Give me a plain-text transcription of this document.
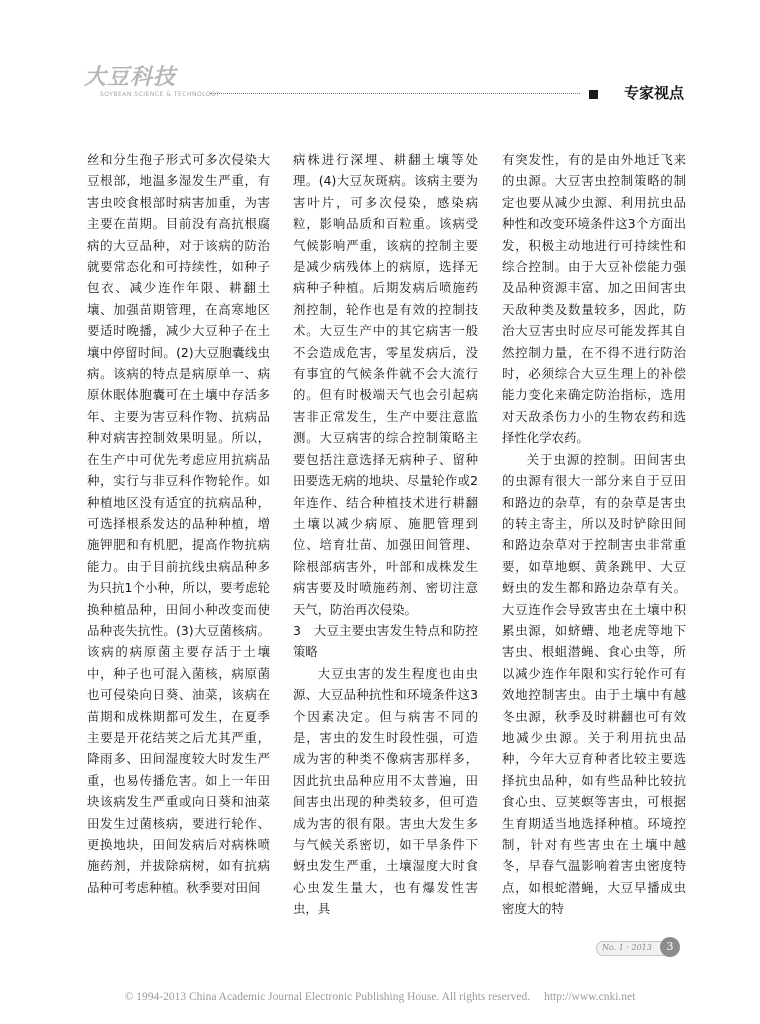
大豆科技
SOYBEAN SCIENCE & TECHNOLOGY	专家视点

丝和分生孢子形式可多次侵染大豆根部，地温多湿发生严重，有害虫咬食根部时病害加重，为害主要在苗期。目前没有高抗根腐病的大豆品种，对于该病的防治就要常态化和可持续性，如种子包衣、减少连作年限、耕翻土壤、加强苗期管理，在高寒地区要适时晚播，减少大豆种子在土壤中停留时间。(2)大豆胞囊线虫病。该病的特点是病原单一、病原休眠体胞囊可在土壤中存活多年、主要为害豆科作物、抗病品种对病害控制效果明显。所以，在生产中可优先考虑应用抗病品种，实行与非豆科作物轮作。如种植地区没有适宜的抗病品种，可选择根系发达的品种种植，增施钾肥和有机肥，提高作物抗病能力。由于目前抗线虫病品种多为只抗1个小种，所以，要考虑轮换种植品种，田间小种改变而使品种丧失抗性。(3)大豆菌核病。该病的病原菌主要存活于土壤中，种子也可混入菌核，病原菌也可侵染向日葵、油菜，该病在苗期和成株期都可发生，在夏季主要是开花结荚之后尤其严重，降雨多、田间湿度较大时发生严重，也易传播危害。如上一年田块该病发生严重或向日葵和油菜田发生过菌核病，要进行轮作、更换地块，田间发病后对病株喷施药剂，并拔除病树，如有抗病品种可考虑种植。秋季要对田间

病株进行深埋、耕翻土壤等处理。(4)大豆灰斑病。该病主要为害叶片，可多次侵染，感染病粒，影响品质和百粒重。该病受气候影响严重，该病的控制主要是减少病残体上的病原，选择无病种子种植。后期发病后喷施药剂控制，轮作也是有效的控制技术。大豆生产中的其它病害一般不会造成危害，零星发病后，没有事宜的气候条件就不会大流行的。但有时极端天气也会引起病害非正常发生，生产中要注意监测。大豆病害的综合控制策略主要包括注意选择无病种子、留种田要选无病的地块、尽量轮作或2年连作、结合种植技术进行耕翻土壤以减少病原、施肥管理到位、培育壮苗、加强田间管理、除根部病害外，叶部和成株发生病害要及时喷施药剂、密切注意天气，防治再次侵染。

3　大豆主要虫害发生特点和防控策略

大豆虫害的发生程度也由虫源、大豆品种抗性和环境条件这3个因素决定。但与病害不同的是，害虫的发生时段性强，可造成为害的种类不像病害那样多，因此抗虫品种应用不太普遍，田间害虫出现的种类较多，但可造成为害的很有限。害虫大发生多与气候关系密切，如干旱条件下蚜虫发生严重，土壤湿度大时食心虫发生量大，也有爆发性害虫，具

有突发性，有的是由外地迁飞来的虫源。大豆害虫控制策略的制定也要从减少虫源、利用抗虫品种性和改变环境条件这3个方面出发，积极主动地进行可持续性和综合控制。由于大豆补偿能力强及品种资源丰富、加之田间害虫天敌种类及数量较多，因此，防治大豆害虫时应尽可能发挥其自然控制力量，在不得不进行防治时，必须综合大豆生理上的补偿能力变化来确定防治指标，选用对天敌杀伤力小的生物农药和选择性化学农药。

关于虫源的控制。田间害虫的虫源有很大一部分来自于豆田和路边的杂草，有的杂草是害虫的转主寄主，所以及时铲除田间和路边杂草对于控制害虫非常重要，如草地螟、黄条跳甲、大豆蚜虫的发生都和路边杂草有关。大豆连作会导致害虫在土壤中积累虫源，如蛴螬、地老虎等地下害虫、根蛆潜蝇、食心虫等，所以减少连作年限和实行轮作可有效地控制害虫。由于土壤中有越冬虫源，秋季及时耕翻也可有效地减少虫源。关于利用抗虫品种，今年大豆育种者比较主要选择抗虫品种，如有些品种比较抗食心虫、豆荚螟等害虫，可根据生育期适当地选择种植。环境控制，针对有些害虫在土壤中越冬，早春气温影响着害虫密度特点，如根蛇潜蝇，大豆早播成虫密度大的特

No. 1 · 2013	3
© 1994-2013 China Academic Journal Electronic Publishing House. All rights reserved. http://www.cnki.net
